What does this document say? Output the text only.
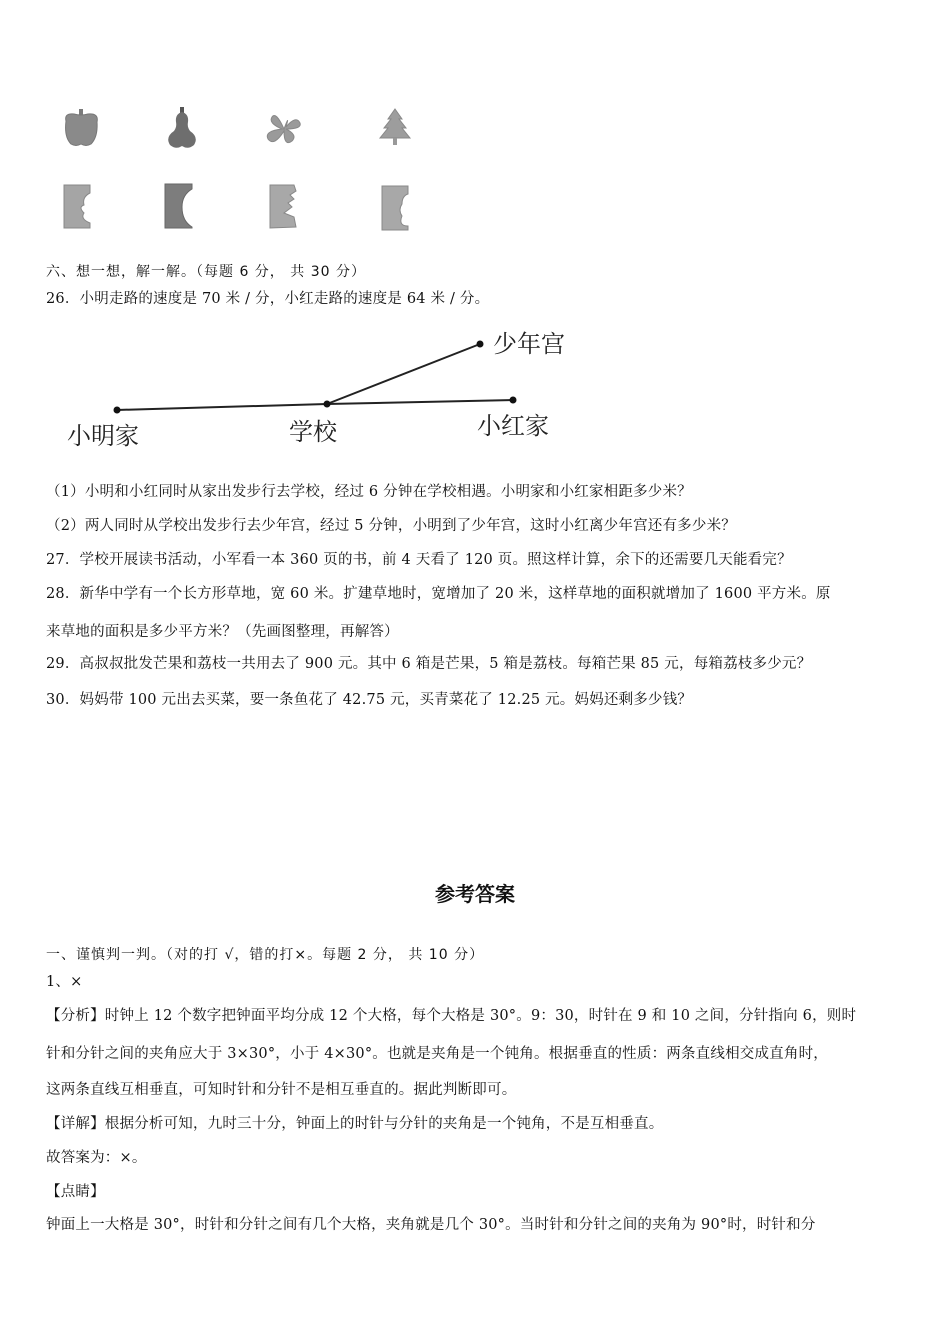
六、想一想，解一解。（每题 6 分， 共 30 分）
26．小明走路的速度是 70 米 / 分，小红走路的速度是 64 米 / 分。
小明家	学校	小红家
少年宫
（1）小明和小红同时从家出发步行去学校，经过 6 分钟在学校相遇。小明家和小红家相距多少米？
（2）两人同时从学校出发步行去少年宫，经过 5 分钟，小明到了少年宫，这时小红离少年宫还有多少米？
27．学校开展读书活动，小军看一本 360 页的书，前 4 天看了 120 页。照这样计算，余下的还需要几天能看完？
28．新华中学有一个长方形草地，宽 60 米。扩建草地时，宽增加了 20 米，这样草地的面积就增加了 1600 平方米。原
来草地的面积是多少平方米？（先画图整理，再解答）
29．高叔叔批发芒果和荔枝一共用去了 900 元。其中 6 箱是芒果，5 箱是荔枝。每箱芒果 85 元，每箱荔枝多少元？
30．妈妈带 100 元出去买菜，要一条鱼花了 42.75 元，买青菜花了 12.25 元。妈妈还剩多少钱？
参考答案
一、谨慎判一判。（对的打 √，错的打×。每题 2 分， 共 10 分）
1、×
【分析】时钟上 12 个数字把钟面平均分成 12 个大格，每个大格是 30°。9：30，时针在 9 和 10 之间，分针指向 6，则时
针和分针之间的夹角应大于 3×30°，小于 4×30°。也就是夹角是一个钝角。根据垂直的性质：两条直线相交成直角时，
这两条直线互相垂直，可知时针和分针不是相互垂直的。据此判断即可。
【详解】根据分析可知，九时三十分，钟面上的时针与分针的夹角是一个钝角，不是互相垂直。
故答案为：×。
【点睛】
钟面上一大格是 30°，时针和分针之间有几个大格，夹角就是几个 30°。当时针和分针之间的夹角为 90°时，时针和分
